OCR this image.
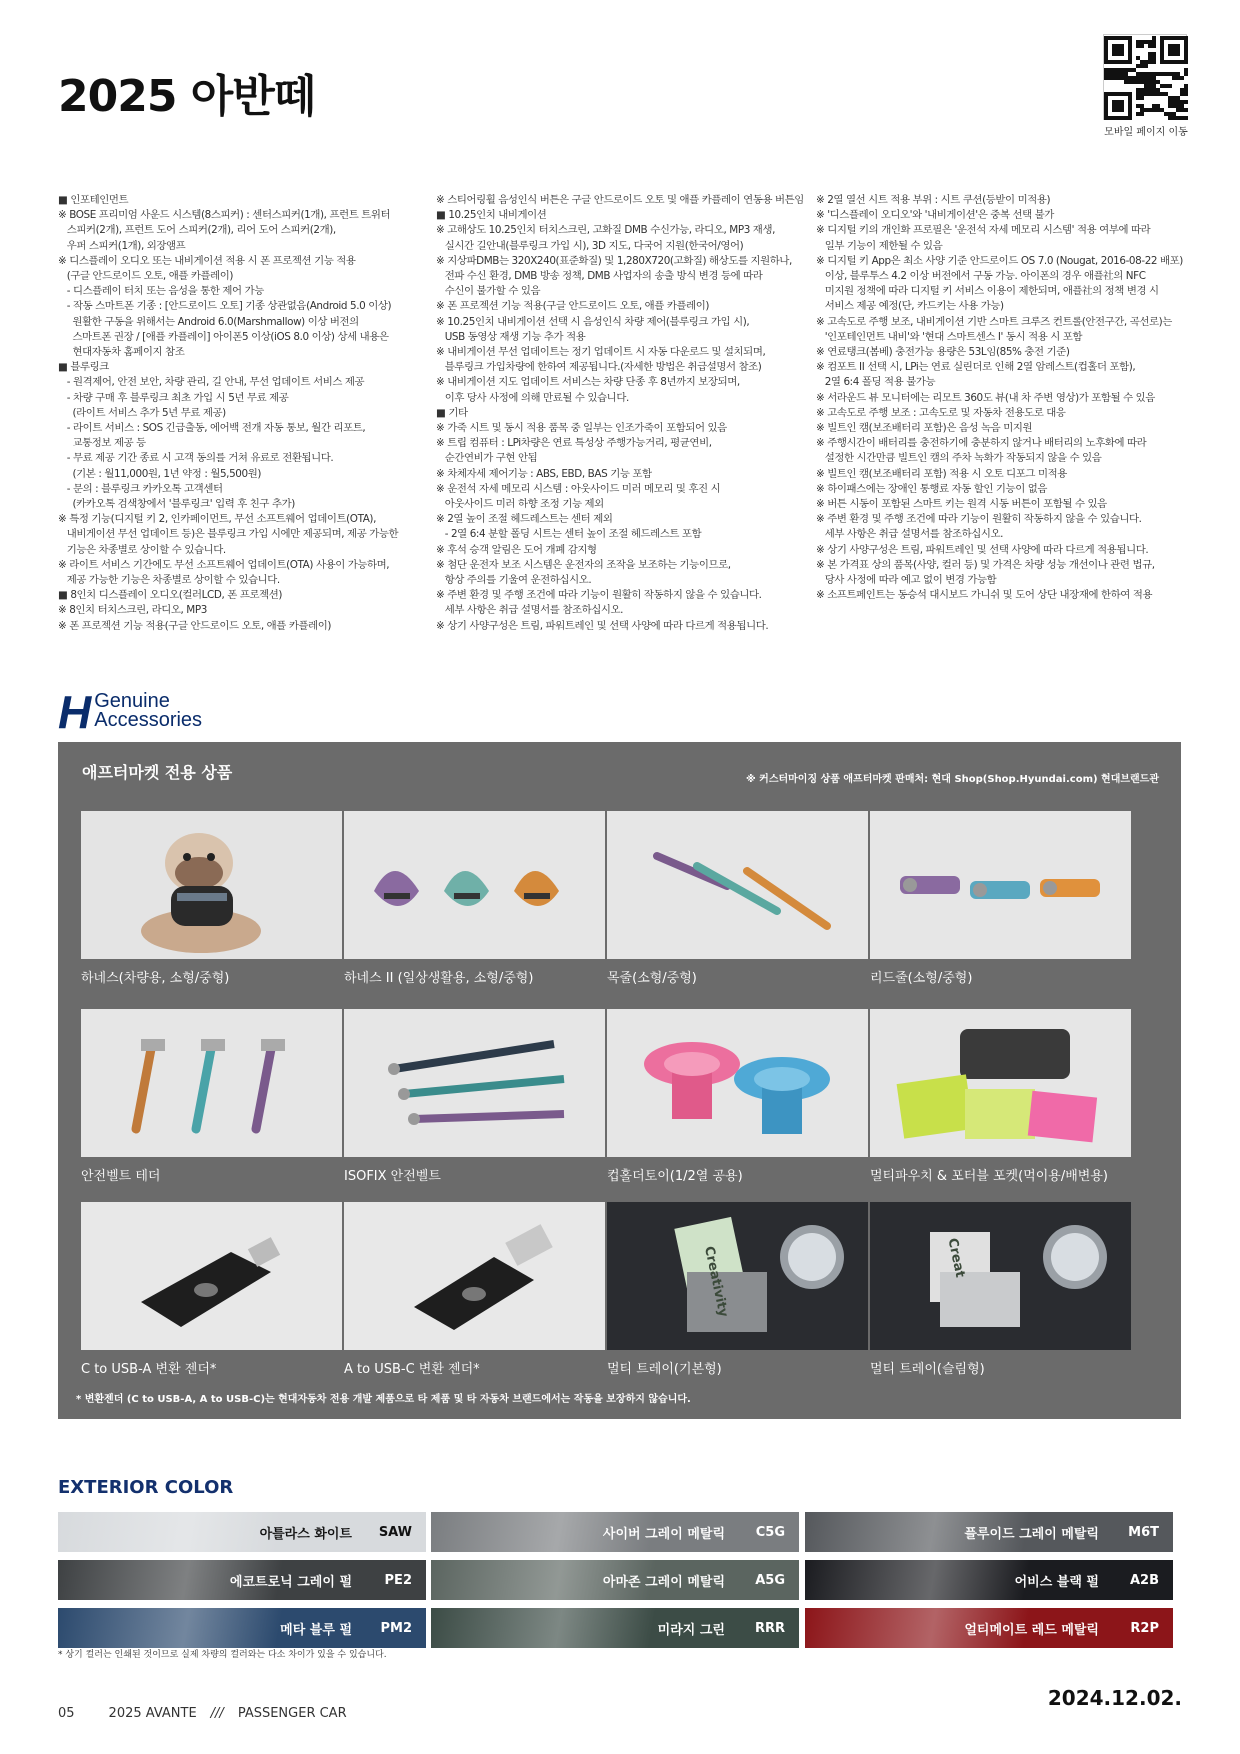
2025 아반떼
모바일 페이지 이동
■ 인포테인먼트
※ BOSE 프리미엄 사운드 시스템(8스피커) : 센터스피커(1개), 프런트 트위터
스피커(2개), 프런트 도어 스피커(2개), 리어 도어 스피커(2개),
우퍼 스피커(1개), 외장앰프
※ 디스플레이 오디오 또는 내비게이션 적용 시 폰 프로젝션 기능 적용
(구글 안드로이드 오토, 애플 카플레이)
- 디스플레이 터치 또는 음성을 통한 제어 가능
- 작동 스마트폰 기종 : [안드로이드 오토] 기종 상관없음(Android 5.0 이상)
원활한 구동을 위해서는 Android 6.0(Marshmallow) 이상 버전의
스마트폰 권장 / [애플 카플레이] 아이폰5 이상(iOS 8.0 이상) 상세 내용은
현대자동차 홈페이지 참조
■ 블루링크
- 원격제어, 안전 보안, 차량 관리, 길 안내, 무선 업데이트 서비스 제공
- 차량 구매 후 블루링크 최초 가입 시 5년 무료 제공
(라이트 서비스 추가 5년 무료 제공)
- 라이트 서비스 : SOS 긴급출동, 에어백 전개 자동 통보, 월간 리포트,
교통정보 제공 등
- 무료 제공 기간 종료 시 고객 동의를 거쳐 유료로 전환됩니다.
(기본 : 월11,000원, 1년 약정 : 월5,500원)
- 문의 : 블루링크 카카오톡 고객센터
(카카오톡 검색창에서 '블루링크' 입력 후 친구 추가)
※ 특정 기능(디지털 키 2, 인카페이먼트, 무선 소프트웨어 업데이트(OTA),
내비게이션 무선 업데이트 등)은 블루링크 가입 시에만 제공되며, 제공 가능한
기능은 차종별로 상이할 수 있습니다.
※ 라이트 서비스 기간에도 무선 소프트웨어 업데이트(OTA) 사용이 가능하며,
제공 가능한 기능은 차종별로 상이할 수 있습니다.
■ 8인치 디스플레이 오디오(컬러LCD, 폰 프로젝션)
※ 8인치 터치스크린, 라디오, MP3
※ 폰 프로젝션 기능 적용(구글 안드로이드 오토, 애플 카플레이)
※ 스티어링휠 음성인식 버튼은 구글 안드로이드 오토 및 애플 카플레이 연동용 버튼임
■ 10.25인치 내비게이션
※ 고해상도 10.25인치 터치스크린, 고화질 DMB 수신가능, 라디오, MP3 재생,
실시간 길안내(블루링크 가입 시), 3D 지도, 다국어 지원(한국어/영어)
※ 지상파DMB는 320X240(표준화질) 및 1,280X720(고화질) 해상도를 지원하나,
전파 수신 환경, DMB 방송 정책, DMB 사업자의 송출 방식 변경 등에 따라
수신이 불가할 수 있음
※ 폰 프로젝션 기능 적용(구글 안드로이드 오토, 애플 카플레이)
※ 10.25인치 내비게이션 선택 시 음성인식 차량 제어(블루링크 가입 시),
USB 동영상 재생 기능 추가 적용
※ 내비게이션 무선 업데이트는 정기 업데이트 시 자동 다운로드 및 설치되며,
블루링크 가입차량에 한하여 제공됩니다.(자세한 방법은 취급설명서 참조)
※ 내비게이션 지도 업데이트 서비스는 차량 단종 후 8년까지 보장되며,
이후 당사 사정에 의해 만료될 수 있습니다.
■ 기타
※ 가죽 시트 및 동시 적용 품목 중 일부는 인조가죽이 포함되어 있음
※ 트립 컴퓨터 : LPi차량은 연료 특성상 주행가능거리, 평균연비,
순간연비가 구현 안됨
※ 차체자세 제어기능 : ABS, EBD, BAS 기능 포함
※ 운전석 자세 메모리 시스템 : 아웃사이드 미러 메모리 및 후진 시
아웃사이드 미러 하향 조정 기능 제외
※ 2열 높이 조절 헤드레스트는 센터 제외
- 2열 6:4 분할 폴딩 시트는 센터 높이 조절 헤드레스트 포함
※ 후석 승객 알림은 도어 개폐 감지형
※ 첨단 운전자 보조 시스템은 운전자의 조작을 보조하는 기능이므로,
항상 주의를 기울여 운전하십시오.
※ 주변 환경 및 주행 조건에 따라 기능이 원활히 작동하지 않을 수 있습니다.
세부 사항은 취급 설명서를 참조하십시오.
※ 상기 사양구성은 트림, 파워트레인 및 선택 사양에 따라 다르게 적용됩니다.
※ 2열 열선 시트 적용 부위 : 시트 쿠션(등받이 미적용)
※ '디스플레이 오디오'와 '내비게이션'은 중복 선택 불가
※ 디지털 키의 개인화 프로필은 '운전석 자세 메모리 시스템' 적용 여부에 따라
일부 기능이 제한될 수 있음
※ 디지털 키 App은 최소 사양 기준 안드로이드 OS 7.0 (Nougat, 2016-08-22 배포)
이상, 블루투스 4.2 이상 버전에서 구동 가능. 아이폰의 경우 애플社의 NFC
미지원 정책에 따라 디지털 키 서비스 이용이 제한되며, 애플社의 정책 변경 시
서비스 제공 예정(단, 카드키는 사용 가능)
※ 고속도로 주행 보조, 내비게이션 기반 스마트 크루즈 컨트롤(안전구간, 곡선로)는
'인포테인먼트 내비'와 '현대 스마트센스 I' 동시 적용 시 포함
※ 연료탱크(봄베) 충전가능 용량은 53L임(85% 충전 기준)
※ 컴포트 II 선택 시, LPi는 연료 실린더로 인해 2열 암레스트(컵홀더 포함),
2열 6:4 폴딩 적용 불가능
※ 서라운드 뷰 모니터에는 리모트 360도 뷰(내 차 주변 영상)가 포함될 수 있음
※ 고속도로 주행 보조 : 고속도로 및 자동차 전용도로 대응
※ 빌트인 캠(보조배터리 포함)은 음성 녹음 미지원
※ 주행시간이 배터리를 충전하기에 충분하지 않거나 배터리의 노후화에 따라
설정한 시간만큼 빌트인 캠의 주차 녹화가 작동되지 않을 수 있음
※ 빌트인 캠(보조배터리 포함) 적용 시 오토 디포그 미적용
※ 하이패스에는 장애인 통행료 자동 할인 기능이 없음
※ 버튼 시동이 포함된 스마트 키는 원격 시동 버튼이 포함될 수 있음
※ 주변 환경 및 주행 조건에 따라 기능이 원활히 작동하지 않을 수 있습니다.
세부 사항은 취급 설명서를 참조하십시오.
※ 상기 사양구성은 트림, 파워트레인 및 선택 사양에 따라 다르게 적용됩니다.
※ 본 가격표 상의 품목(사양, 컬러 등) 및 가격은 차량 성능 개선이나 관련 법규,
당사 사정에 따라 예고 없이 변경 가능함
※ 소프트페인트는 동승석 대시보드 가니쉬 및 도어 상단 내장재에 한하여 적용
H Genuine
Accessories
애프터마켓 전용 상품	※ 커스터마이징 상품 애프터마켓 판매처: 현대 Shop(Shop.Hyundai.com) 현대브랜드관
하네스(차량용, 소형/중형)	하네스 II (일상생활용, 소형/중형)	목줄(소형/중형)	리드줄(소형/중형)
안전벨트 테더	ISOFIX 안전벨트	컵홀더토이(1/2열 공용)	멀티파우치 & 포터블 포켓(먹이용/배변용)
C to USB-A 변환 젠더*	A to USB-C 변환 젠더*
Creativity
멀티 트레이(기본형)
Creat
멀티 트레이(슬림형)
* 변환젠더 (C to USB-A, A to USB-C)는 현대자동차 전용 개발 제품으로 타 제품 및 타 자동차 브랜드에서는 작동을 보장하지 않습니다.
EXTERIOR COLOR
아틀라스 화이트 SAW	사이버 그레이 메탈릭	C5G	플루이드 그레이 메탈릭	M6T
에코트로닉 그레이 펄	PE2	아마존 그레이 메탈릭	A5G	어비스 블랙 펄	A2B
메타 블루 펄	PM2	미라지 그린	RRR	얼티메이트 레드 메탈릭	R2P
* 상기 컬러는 인쇄된 것이므로 실제 차량의 컬러와는 다소 차이가 있을 수 있습니다.
05	2025 AVANTE /// PASSENGER CAR
2024.12.02.
